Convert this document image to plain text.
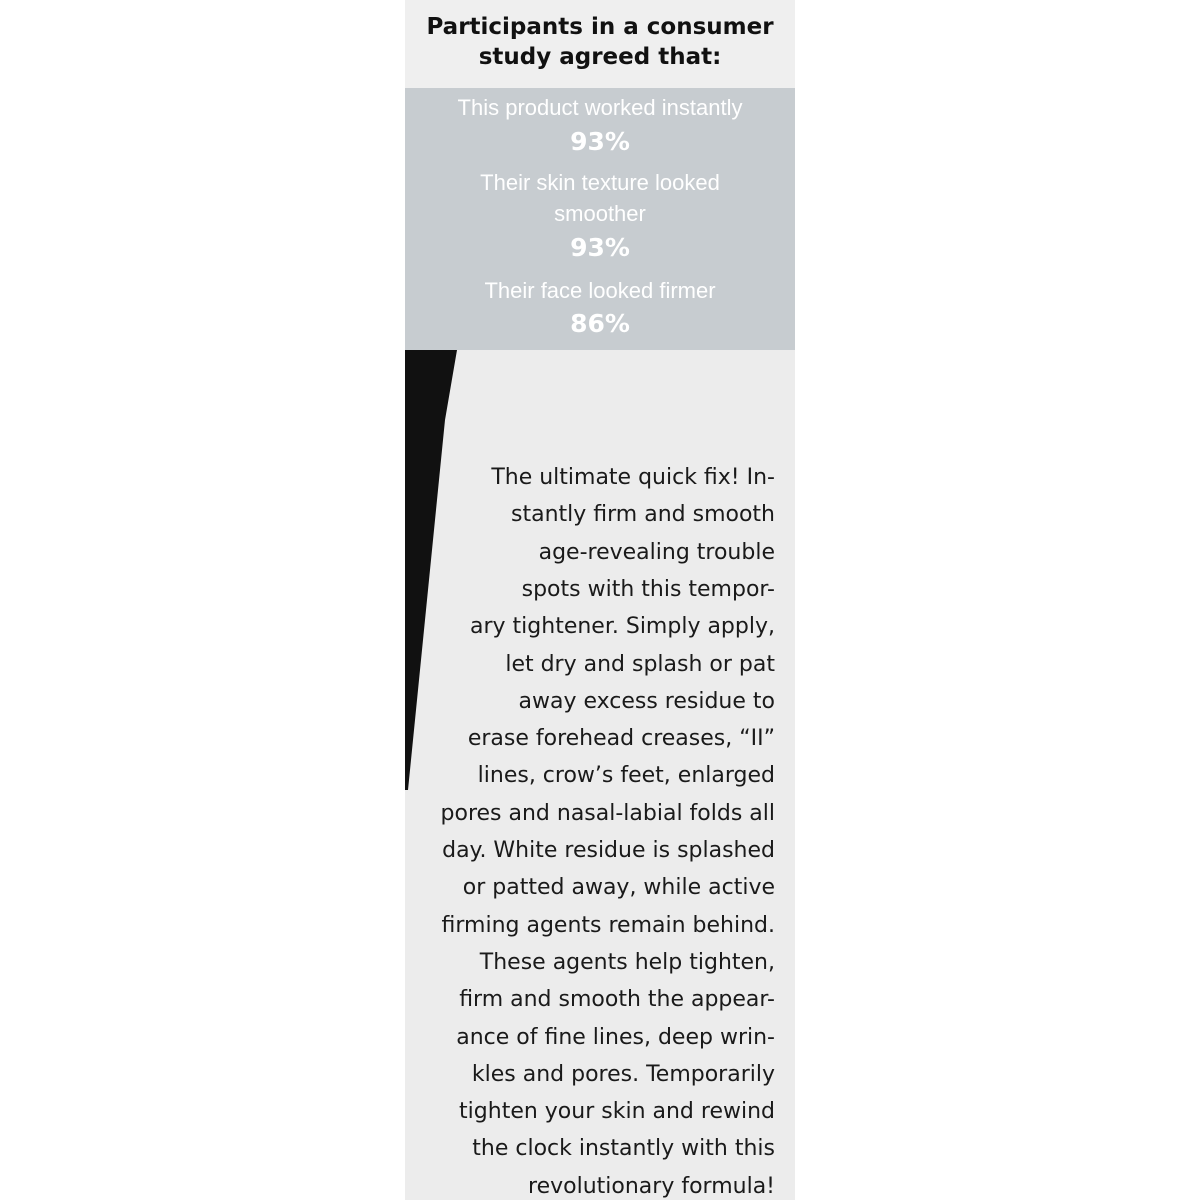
Participants in a consumer
study agreed that:

This product worked instantly
93%
Their skin texture looked
smoother
93%
Their face looked firmer
86%
The ultimate quick fix! In-
stantly firm and smooth
age-revealing trouble
spots with this tempor-
ary tightener. Simply apply,
let dry and splash or pat
away excess residue to
erase forehead creases, “II”
lines, crow’s feet, enlarged
pores and nasal-labial folds all
day. White residue is splashed
or patted away, while active
firming agents remain behind.
These agents help tighten,
firm and smooth the appear-
ance of fine lines, deep wrin-
kles and pores. Temporarily
tighten your skin and rewind
the clock instantly with this
revolutionary formula!
